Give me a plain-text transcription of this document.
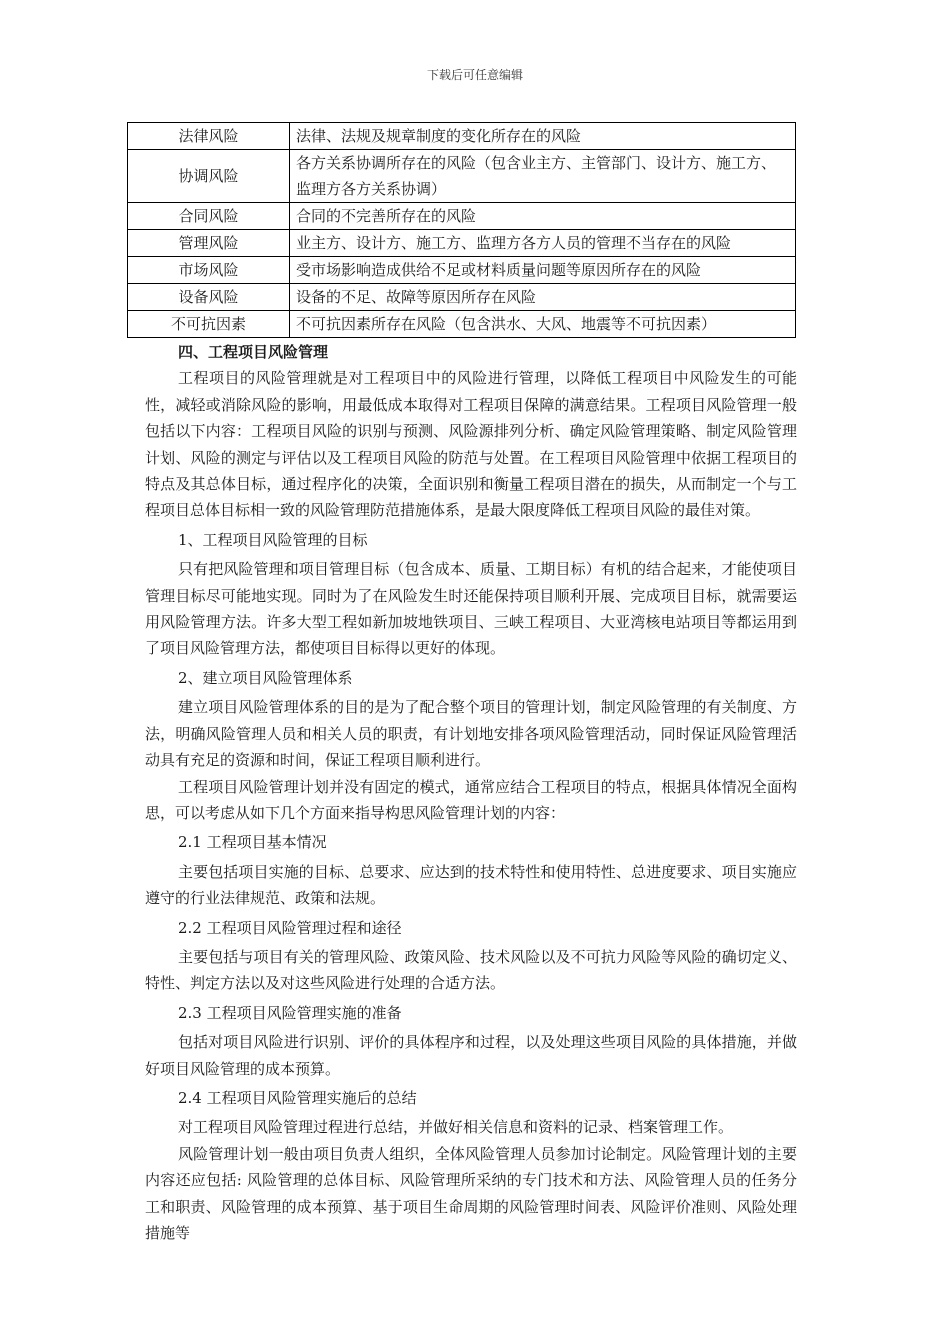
下载后可任意编辑
法律风险	法律、法规及规章制度的变化所存在的风险
协调风险	各方关系协调所存在的风险（包含业主方、主管部门、设计方、施工方、监理方各方关系协调）
合同风险	合同的不完善所存在的风险
管理风险	业主方、设计方、施工方、监理方各方人员的管理不当存在的风险
市场风险	受市场影响造成供给不足或材料质量问题等原因所存在的风险
设备风险	设备的不足、故障等原因所存在风险
不可抗因素	不可抗因素所存在风险（包含洪水、大风、地震等不可抗因素）

四、工程项目风险管理

工程项目的风险管理就是对工程项目中的风险进行管理，以降低工程项目中风险发生的可能性，减轻或消除风险的影响，用最低成本取得对工程项目保障的满意结果。工程项目风险管理一般包括以下内容：工程项目风险的识别与预测、风险源排列分析、确定风险管理策略、制定风险管理计划、风险的测定与评估以及工程项目风险的防范与处置。在工程项目风险管理中依据工程项目的特点及其总体目标，通过程序化的决策，全面识别和衡量工程项目潜在的损失，从而制定一个与工程项目总体目标相一致的风险管理防范措施体系，是最大限度降低工程项目风险的最佳对策。

1、工程项目风险管理的目标

只有把风险管理和项目管理目标（包含成本、质量、工期目标）有机的结合起来，才能使项目管理目标尽可能地实现。同时为了在风险发生时还能保持项目顺利开展、完成项目目标，就需要运用风险管理方法。许多大型工程如新加坡地铁项目、三峡工程项目、大亚湾核电站项目等都运用到了项目风险管理方法，都使项目目标得以更好的体现。

2、建立项目风险管理体系

建立项目风险管理体系的目的是为了配合整个项目的管理计划，制定风险管理的有关制度、方法，明确风险管理人员和相关人员的职责，有计划地安排各项风险管理活动，同时保证风险管理活动具有充足的资源和时间，保证工程项目顺利进行。

工程项目风险管理计划并没有固定的模式，通常应结合工程项目的特点，根据具体情况全面构思，可以考虑从如下几个方面来指导构思风险管理计划的内容：

2.1 工程项目基本情况

主要包括项目实施的目标、总要求、应达到的技术特性和使用特性、总进度要求、项目实施应遵守的行业法律规范、政策和法规。

2.2 工程项目风险管理过程和途径

主要包括与项目有关的管理风险、政策风险、技术风险以及不可抗力风险等风险的确切定义、特性、判定方法以及对这些风险进行处理的合适方法。

2.3 工程项目风险管理实施的准备

包括对项目风险进行识别、评价的具体程序和过程，以及处理这些项目风险的具体措施，并做好项目风险管理的成本预算。

2.4 工程项目风险管理实施后的总结

对工程项目风险管理过程进行总结，并做好相关信息和资料的记录、档案管理工作。

风险管理计划一般由项目负责人组织，全体风险管理人员参加讨论制定。风险管理计划的主要内容还应包括: 风险管理的总体目标、风险管理所采纳的专门技术和方法、风险管理人员的任务分工和职责、风险管理的成本预算、基于项目生命周期的风险管理时间表、风险评价准则、风险处理措施等
